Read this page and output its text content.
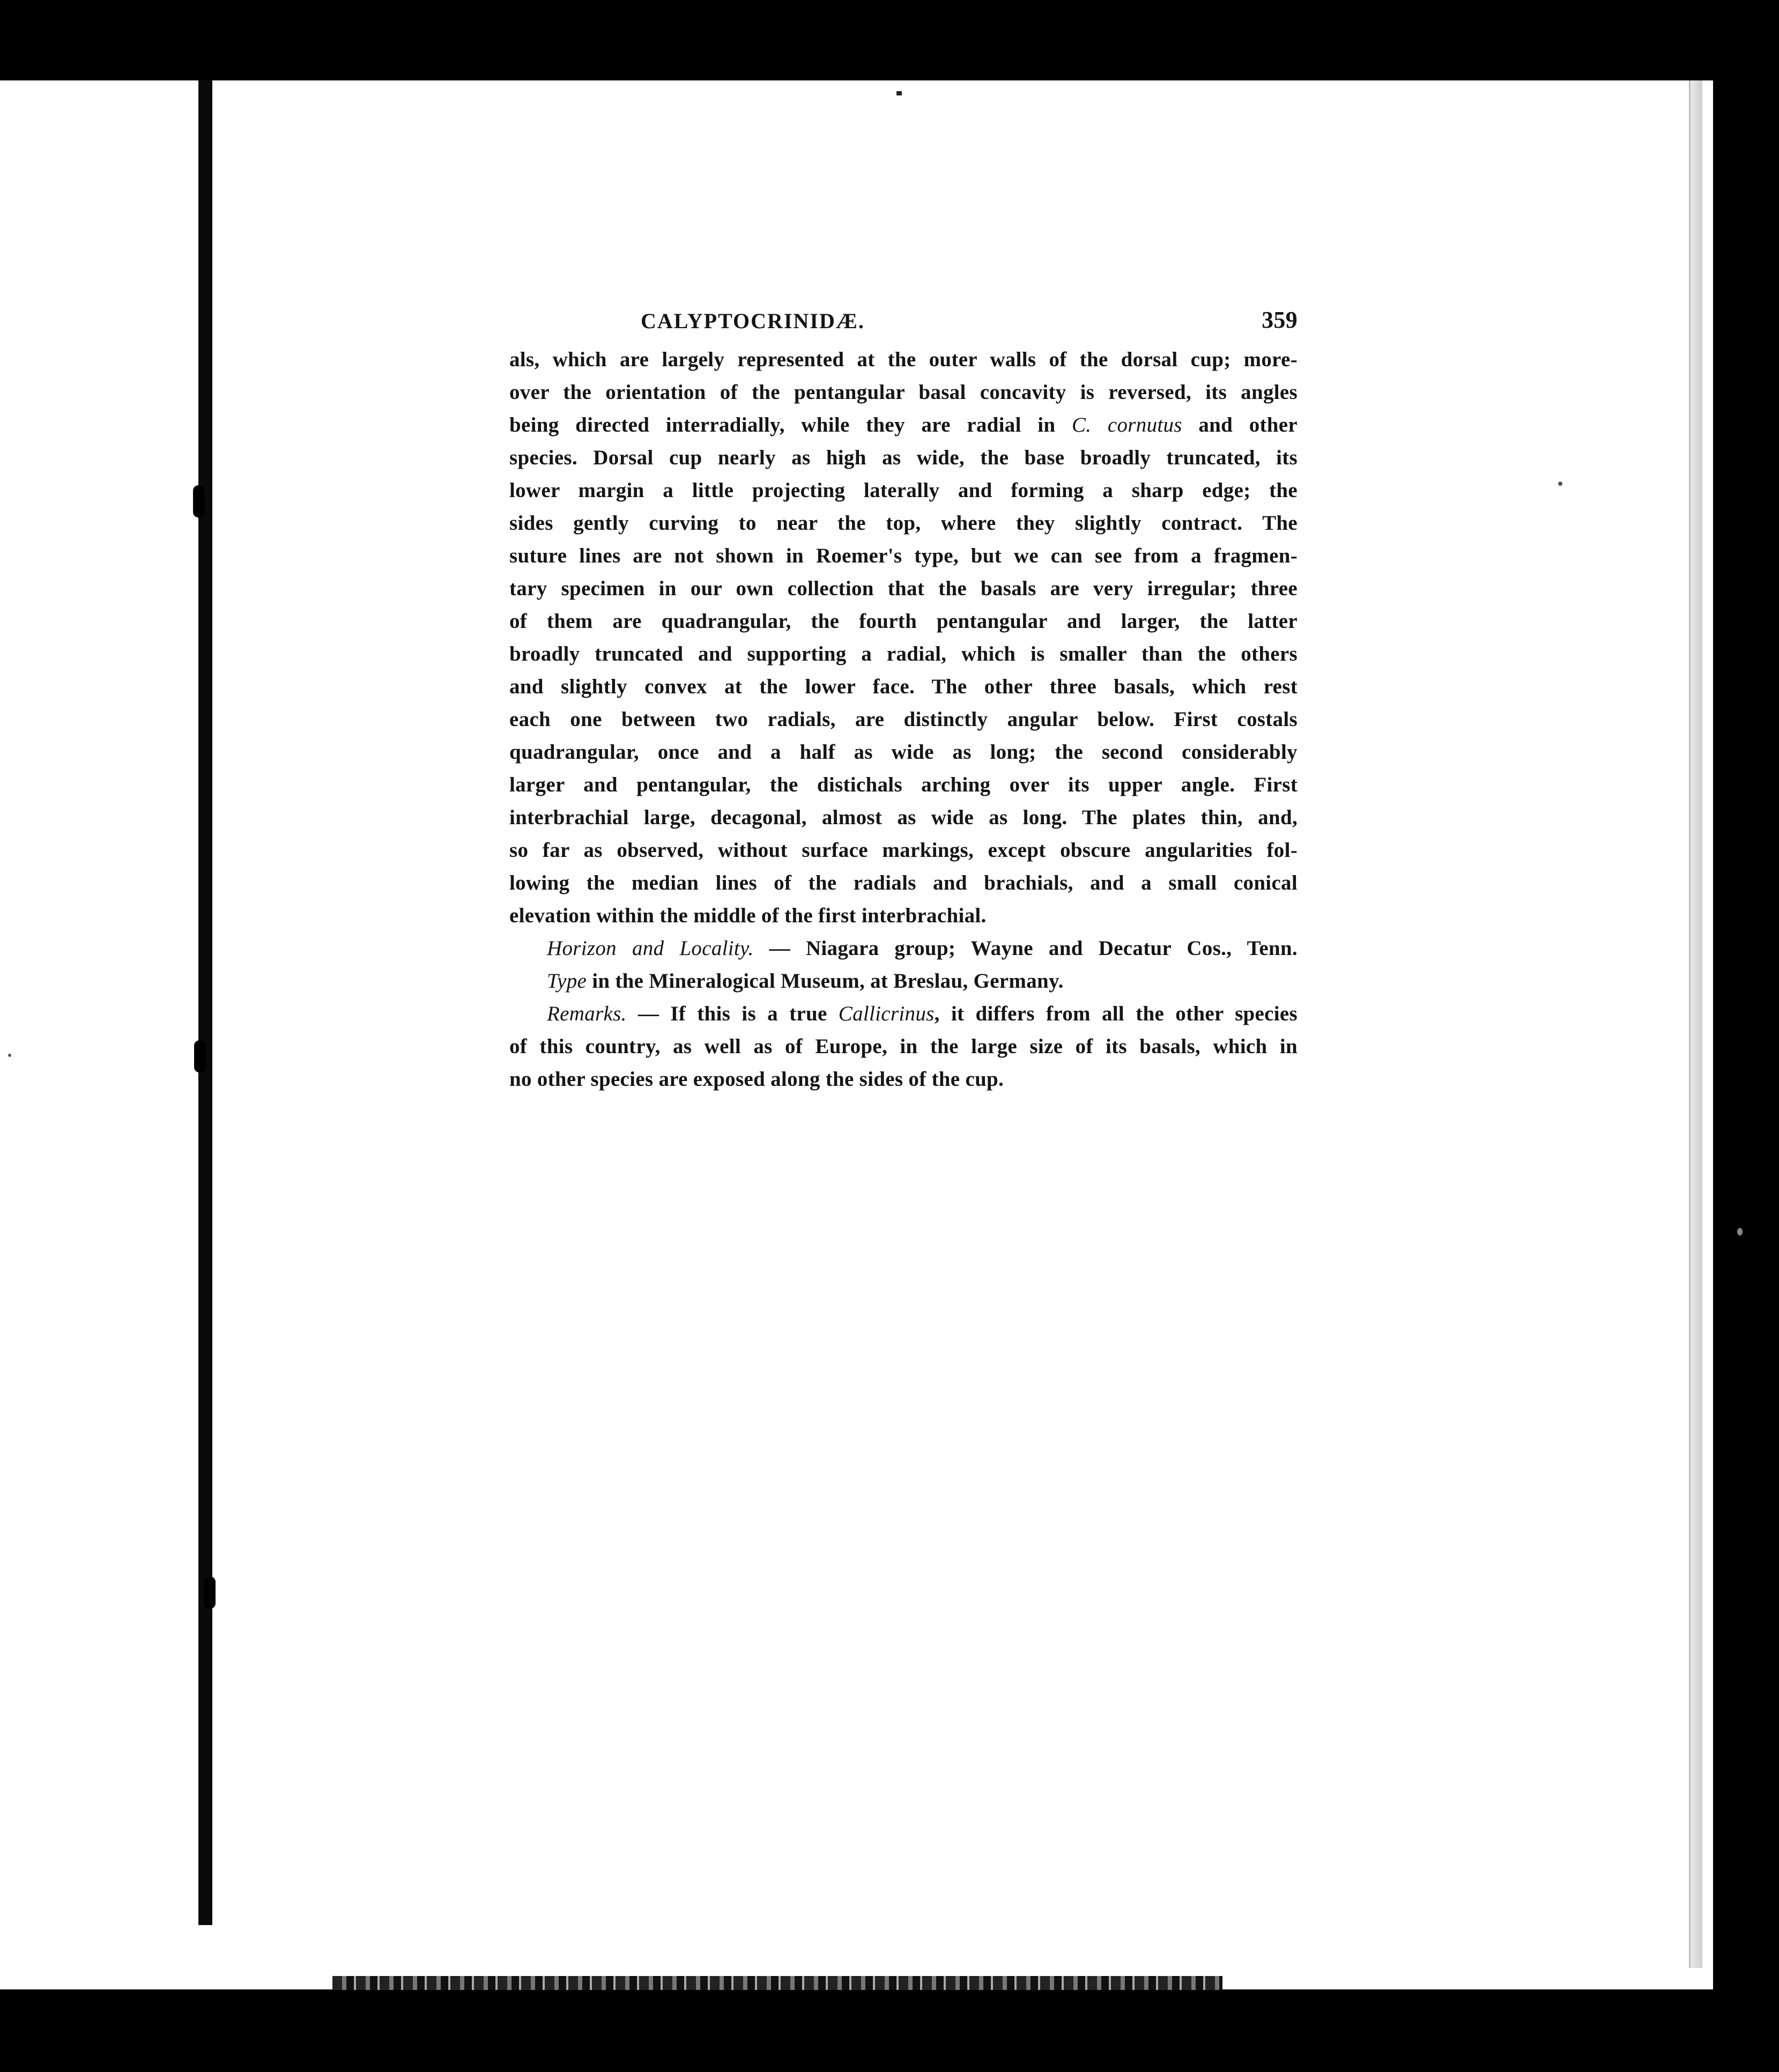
CALYPTOCRINIDÆ.	359
als, which are largely represented at the outer walls of the dorsal cup; more-
over the orientation of the pentangular basal concavity is reversed, its angles
being directed interradially, while they are radial in C. cornutus and other
species. Dorsal cup nearly as high as wide, the base broadly truncated, its
lower margin a little projecting laterally and forming a sharp edge; the
sides gently curving to near the top, where they slightly contract. The
suture lines are not shown in Roemer's type, but we can see from a fragmen-
tary specimen in our own collection that the basals are very irregular; three
of them are quadrangular, the fourth pentangular and larger, the latter
broadly truncated and supporting a radial, which is smaller than the others
and slightly convex at the lower face. The other three basals, which rest
each one between two radials, are distinctly angular below. First costals
quadrangular, once and a half as wide as long; the second considerably
larger and pentangular, the distichals arching over its upper angle. First
interbrachial large, decagonal, almost as wide as long. The plates thin, and,
so far as observed, without surface markings, except obscure angularities fol-
lowing the median lines of the radials and brachials, and a small conical
elevation within the middle of the first interbrachial.
Horizon and Locality. — Niagara group; Wayne and Decatur Cos., Tenn.
Type in the Mineralogical Museum, at Breslau, Germany.
Remarks. — If this is a true Callicrinus, it differs from all the other species
of this country, as well as of Europe, in the large size of its basals, which in
no other species are exposed along the sides of the cup.
